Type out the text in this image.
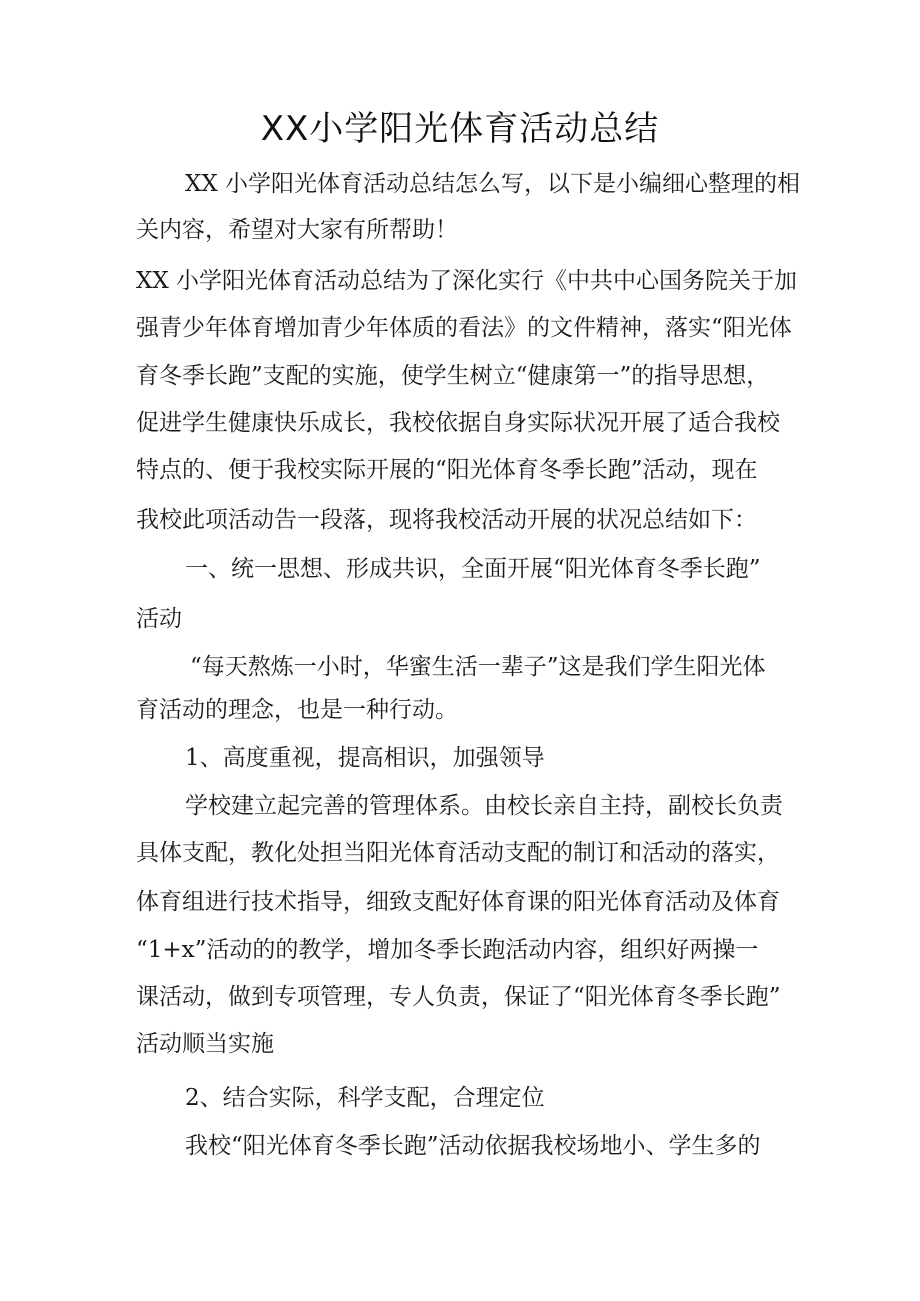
XX小学阳光体育活动总结
XX 小学阳光体育活动总结怎么写，以下是小编细心整理的相
关内容，希望对大家有所帮助！
XX 小学阳光体育活动总结为了深化实行《中共中心国务院关于加
强青少年体育增加青少年体质的看法》的文件精神，落实“阳光体
育冬季长跑”支配的实施，使学生树立“健康第一”的指导思想，
促进学生健康快乐成长，我校依据自身实际状况开展了适合我校
特点的、便于我校实际开展的“阳光体育冬季长跑”活动，现在
我校此项活动告一段落，现将我校活动开展的状况总结如下：
一、统一思想、形成共识，全面开展“阳光体育冬季长跑”
活动
“每天熬炼一小时，华蜜生活一辈子”这是我们学生阳光体
育活动的理念，也是一种行动。
1、高度重视，提高相识，加强领导
学校建立起完善的管理体系。由校长亲自主持，副校长负责
具体支配，教化处担当阳光体育活动支配的制订和活动的落实，
体育组进行技术指导，细致支配好体育课的阳光体育活动及体育
“1+x”活动的的教学，增加冬季长跑活动内容，组织好两操一
课活动，做到专项管理，专人负责，保证了“阳光体育冬季长跑”
活动顺当实施
2、结合实际，科学支配，合理定位
我校“阳光体育冬季长跑”活动依据我校场地小、学生多的
